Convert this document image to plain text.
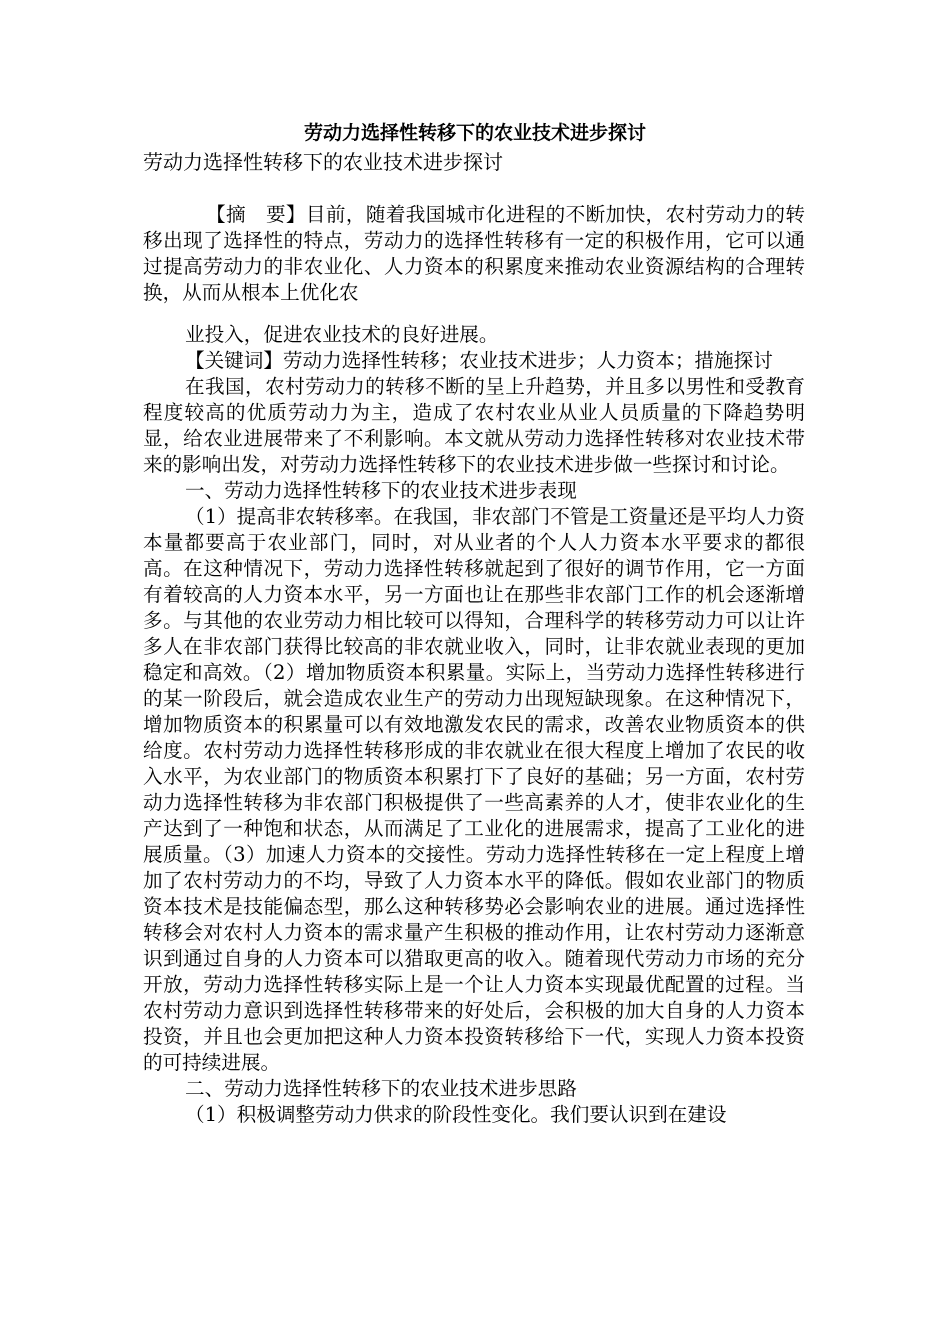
劳动力选择性转移下的农业技术进步探讨

劳动力选择性转移下的农业技术进步探讨

【摘　要】目前，随着我国城市化进程的不断加快，农村劳动力的转移出现了选择性的特点，劳动力的选择性转移有一定的积极作用，它可以通过提高劳动力的非农业化、人力资本的积累度来推动农业资源结构的合理转换，从而从根本上优化农

业投入，促进农业技术的良好进展。

【关键词】劳动力选择性转移；农业技术进步；人力资本；措施探讨

在我国，农村劳动力的转移不断的呈上升趋势，并且多以男性和受教育程度较高的优质劳动力为主，造成了农村农业从业人员质量的下降趋势明显，给农业进展带来了不利影响。本文就从劳动力选择性转移对农业技术带来的影响出发，对劳动力选择性转移下的农业技术进步做一些探讨和讨论。

一、劳动力选择性转移下的农业技术进步表现

（1）提高非农转移率。在我国，非农部门不管是工资量还是平均人力资本量都要高于农业部门，同时，对从业者的个人人力资本水平要求的都很高。在这种情况下，劳动力选择性转移就起到了很好的调节作用，它一方面有着较高的人力资本水平，另一方面也让在那些非农部门工作的机会逐渐增多。与其他的农业劳动力相比较可以得知，合理科学的转移劳动力可以让许多人在非农部门获得比较高的非农就业收入，同时，让非农就业表现的更加稳定和高效。（2）增加物质资本积累量。实际上，当劳动力选择性转移进行的某一阶段后，就会造成农业生产的劳动力出现短缺现象。在这种情况下，增加物质资本的积累量可以有效地激发农民的需求，改善农业物质资本的供给度。农村劳动力选择性转移形成的非农就业在很大程度上增加了农民的收入水平，为农业部门的物质资本积累打下了良好的基础；另一方面，农村劳动力选择性转移为非农部门积极提供了一些高素养的人才，使非农业化的生产达到了一种饱和状态，从而满足了工业化的进展需求，提高了工业化的进展质量。（3）加速人力资本的交接性。劳动力选择性转移在一定上程度上增加了农村劳动力的不均，导致了人力资本水平的降低。假如农业部门的物质资本技术是技能偏态型，那么这种转移势必会影响农业的进展。通过选择性转移会对农村人力资本的需求量产生积极的推动作用，让农村劳动力逐渐意识到通过自身的人力资本可以猎取更高的收入。随着现代劳动力市场的充分开放，劳动力选择性转移实际上是一个让人力资本实现最优配置的过程。当农村劳动力意识到选择性转移带来的好处后，会积极的加大自身的人力资本投资，并且也会更加把这种人力资本投资转移给下一代，实现人力资本投资的可持续进展。

二、劳动力选择性转移下的农业技术进步思路

（1）积极调整劳动力供求的阶段性变化。我们要认识到在建设
